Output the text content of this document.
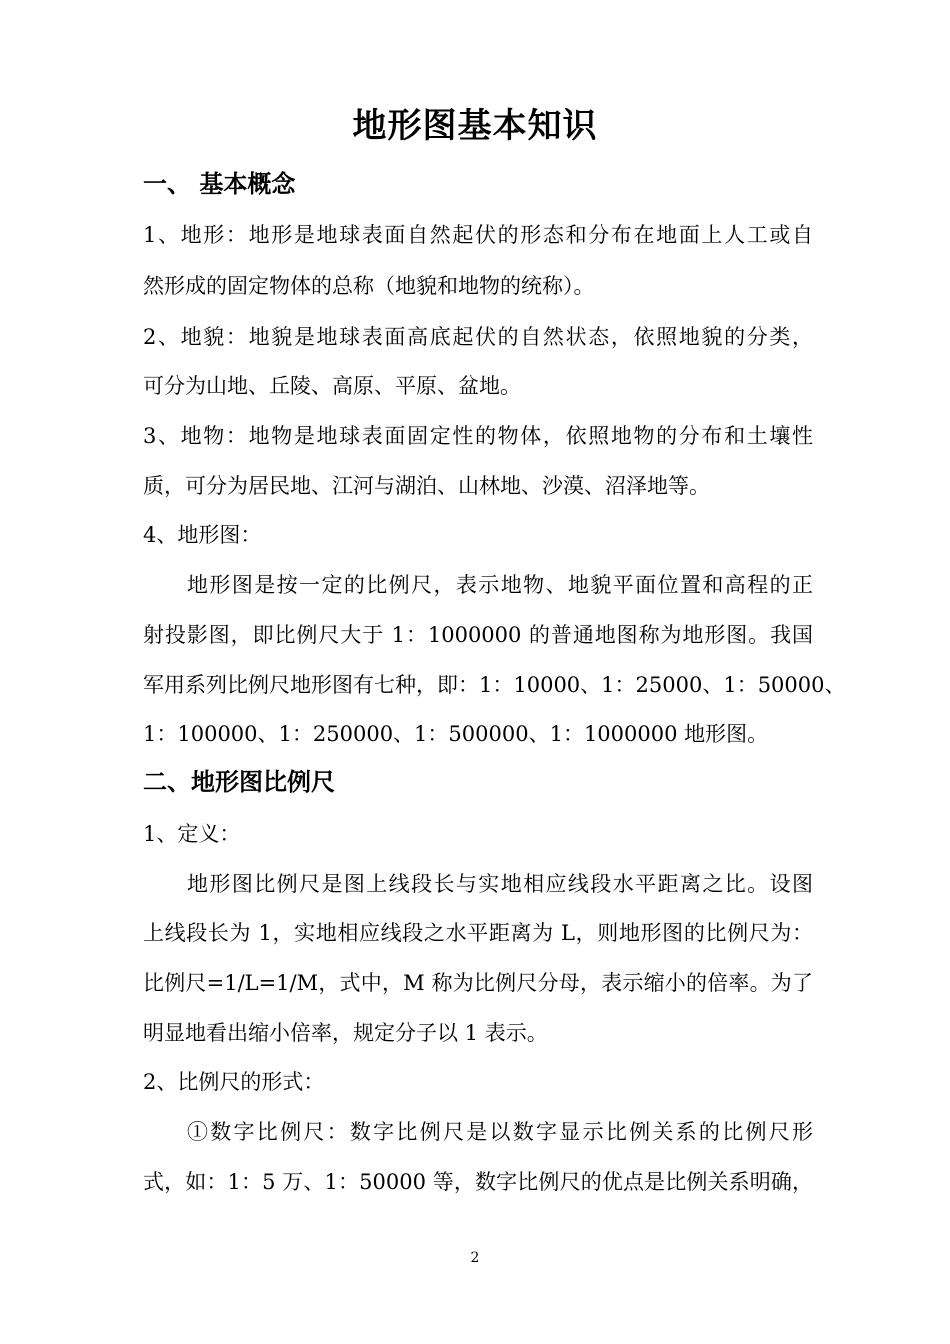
地形图基本知识
一、 基本概念
1、地形：地形是地球表面自然起伏的形态和分布在地面上人工或自
然形成的固定物体的总称（地貌和地物的统称）。
2、地貌：地貌是地球表面高底起伏的自然状态，依照地貌的分类，
可分为山地、丘陵、高原、平原、盆地。
3、地物：地物是地球表面固定性的物体，依照地物的分布和土壤性
质，可分为居民地、江河与湖泊、山林地、沙漠、沼泽地等。
4、地形图：
地形图是按一定的比例尺，表示地物、地貌平面位置和高程的正
射投影图，即比例尺大于 1：1000000 的普通地图称为地形图。我国
军用系列比例尺地形图有七种，即：1：10000、1：25000、1：50000、
1：100000、1：250000、1：500000、1：1000000 地形图。
二、地形图比例尺
1、定义：
地形图比例尺是图上线段长与实地相应线段水平距离之比。设图
上线段长为 1，实地相应线段之水平距离为 L，则地形图的比例尺为：
比例尺=1/L=1/M，式中，M 称为比例尺分母，表示缩小的倍率。为了
明显地看出缩小倍率，规定分子以 1 表示。
2、比例尺的形式：
①数字比例尺：数字比例尺是以数字显示比例关系的比例尺形
式，如：1：5 万、1：50000 等，数字比例尺的优点是比例关系明确，
2
